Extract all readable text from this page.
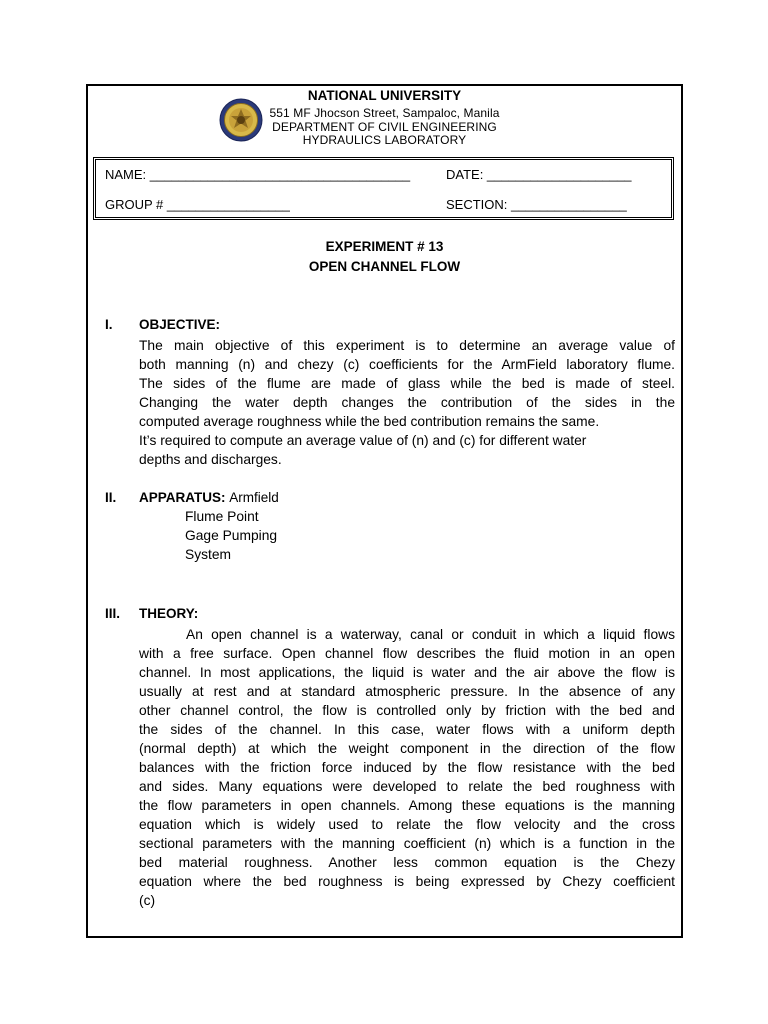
NATIONAL UNIVERSITY
551 MF Jhocson Street, Sampaloc, Manila
DEPARTMENT OF CIVIL ENGINEERING
HYDRAULICS LABORATORY
NAME: ____________________________________	DATE: ____________________
GROUP # _________________	SECTION: ________________
EXPERIMENT # 13
OPEN CHANNEL FLOW
I. OBJECTIVE:
The main objective of this experiment is to determine an average value of
both manning (n) and chezy (c) coefficients for the ArmField laboratory flume.
The sides of the flume are made of glass while the bed is made of steel.
Changing the water depth changes the contribution of the sides in the
computed average roughness while the bed contribution remains the same.
It’s required to compute an average value of (n) and (c) for different water
depths and discharges.
II. APPARATUS: Armfield
Flume Point
Gage Pumping
System
III. THEORY:
An open channel is a waterway, canal or conduit in which a liquid flows
with a free surface. Open channel flow describes the fluid motion in an open
channel. In most applications, the liquid is water and the air above the flow is
usually at rest and at standard atmospheric pressure. In the absence of any
other channel control, the flow is controlled only by friction with the bed and
the sides of the channel. In this case, water flows with a uniform depth
(normal depth) at which the weight component in the direction of the flow
balances with the friction force induced by the flow resistance with the bed
and sides. Many equations were developed to relate the bed roughness with
the flow parameters in open channels. Among these equations is the manning
equation which is widely used to relate the flow velocity and the cross
sectional parameters with the manning coefficient (n) which is a function in the
bed material roughness. Another less common equation is the Chezy
equation where the bed roughness is being expressed by Chezy coefficient
(c)
